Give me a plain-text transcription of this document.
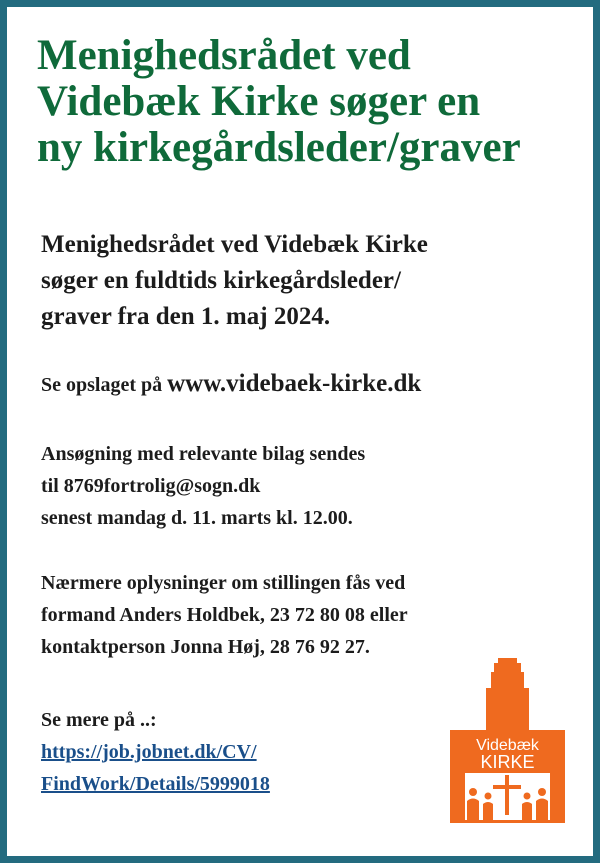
Menighedsrådet ved
Videbæk Kirke søger en
ny kirkegårdsleder/graver

Menighedsrådet ved Videbæk Kirke
søger en fuldtids kirkegårdsleder/
graver fra den 1. maj 2024.

Se opslaget på www.videbaek-kirke.dk

Ansøgning med relevante bilag sendes
til 8769fortrolig@sogn.dk
senest mandag d. 11. marts kl. 12.00.

Nærmere oplysninger om stillingen fås ved
formand Anders Holdbek, 23 72 80 08 eller
kontaktperson Jonna Høj, 28 76 92 27.

Se mere på ..:
https://job.jobnet.dk/CV/ FindWork/Details/5999018
Videbæk
KIRKE
